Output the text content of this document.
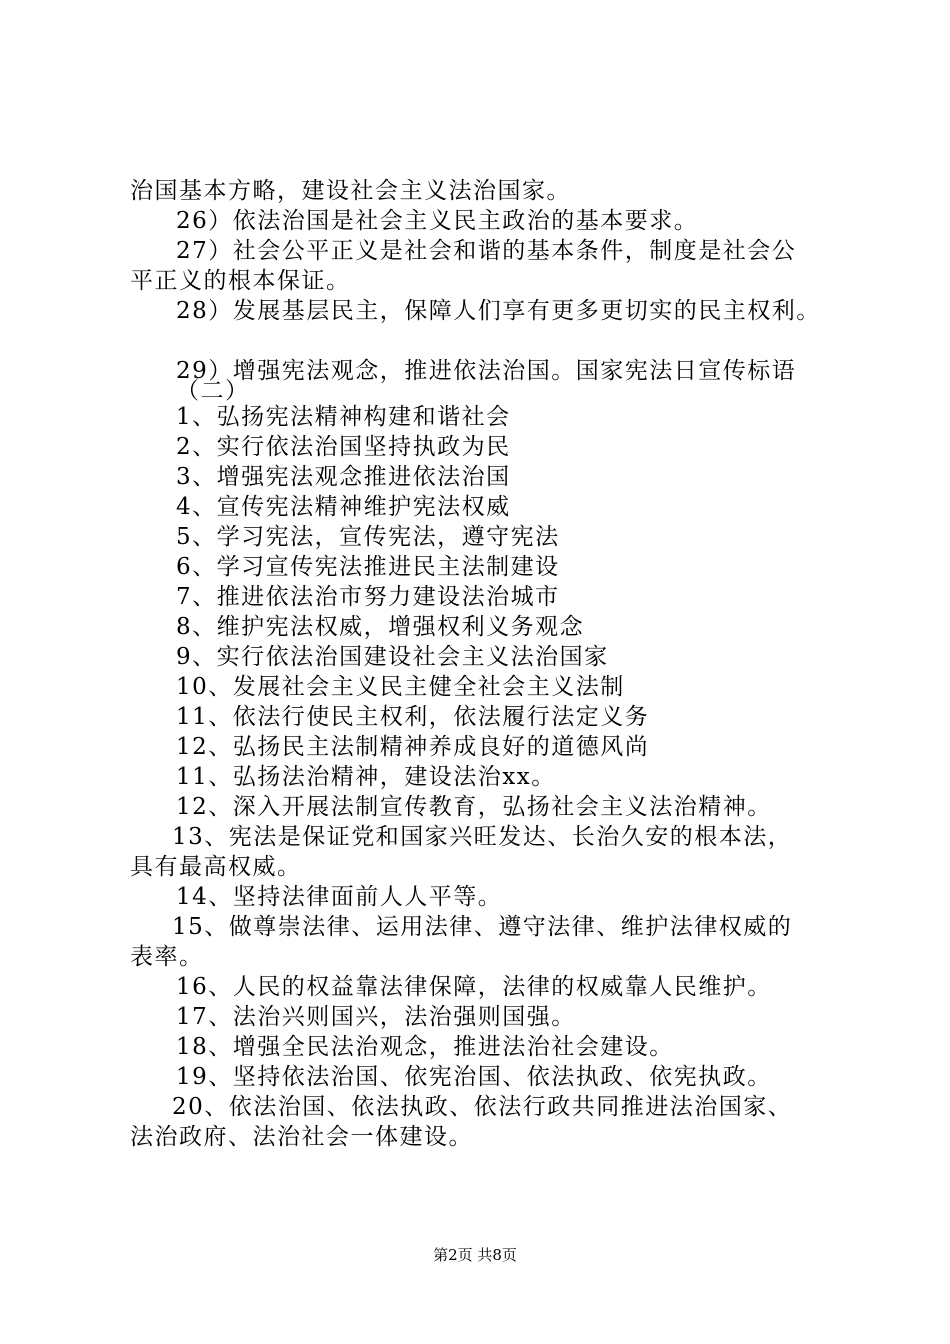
治国基本方略，建设社会主义法治国家。
26）依法治国是社会主义民主政治的基本要求。
27）社会公平正义是社会和谐的基本条件，制度是社会公
平正义的根本保证。
28）发展基层民主，保障人们享有更多更切实的民主权利。
29）增强宪法观念，推进依法治国。国家宪法日宣传标语
（二）
1、弘扬宪法精神构建和谐社会
2、实行依法治国坚持执政为民
3、增强宪法观念推进依法治国
4、宣传宪法精神维护宪法权威
5、学习宪法，宣传宪法，遵守宪法
6、学习宣传宪法推进民主法制建设
7、推进依法治市努力建设法治城市
8、维护宪法权威，增强权利义务观念
9、实行依法治国建设社会主义法治国家
10、发展社会主义民主健全社会主义法制
11、依法行使民主权利，依法履行法定义务
12、弘扬民主法制精神养成良好的道德风尚
11、弘扬法治精神，建设法治xx。
12、深入开展法制宣传教育，弘扬社会主义法治精神。
13、宪法是保证党和国家兴旺发达、长治久安的根本法，
具有最高权威。
14、坚持法律面前人人平等。
15、做尊崇法律、运用法律、遵守法律、维护法律权威的
表率。
16、人民的权益靠法律保障，法律的权威靠人民维护。
17、法治兴则国兴，法治强则国强。
18、增强全民法治观念，推进法治社会建设。
19、坚持依法治国、依宪治国、依法执政、依宪执政。
20、依法治国、依法执政、依法行政共同推进法治国家、
法治政府、法治社会一体建设。
第2页 共8页
